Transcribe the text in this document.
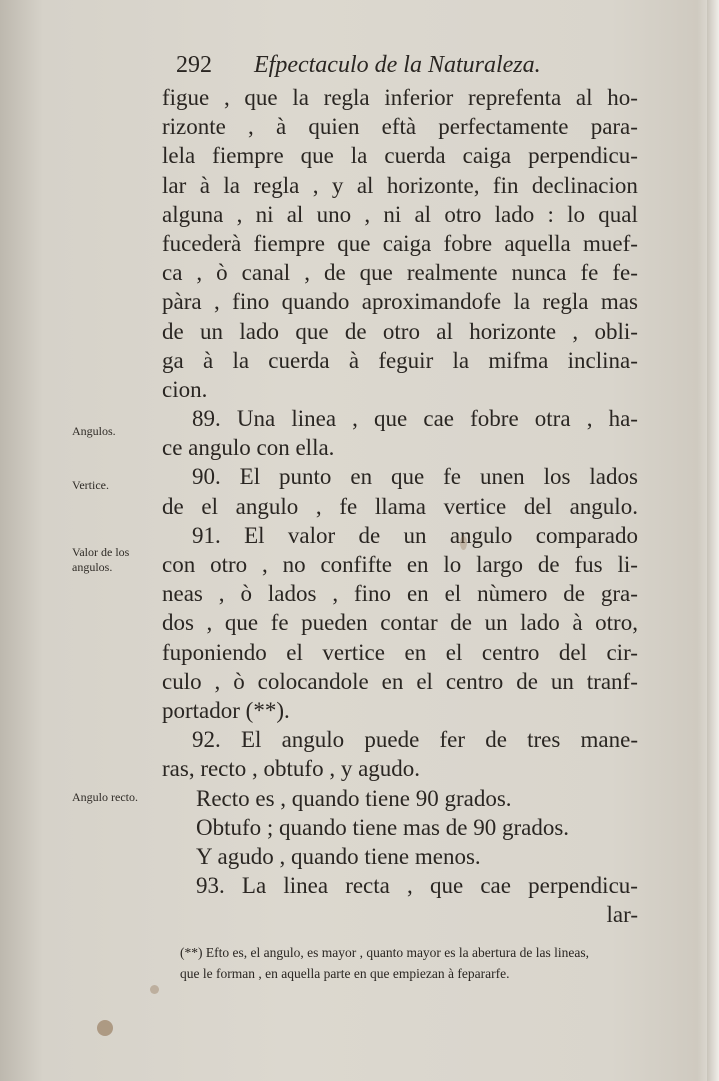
292 Efpectaculo de la Naturaleza.
Angulos.
Vertice.
Valor de los angulos.
Angulo recto.
figue , que la regla inferior reprefenta al ho-
rizonte , à quien eftà perfectamente para-
lela fiempre que la cuerda caiga perpendicu-
lar à la regla , y al horizonte, fin declinacion
alguna , ni al uno , ni al otro lado : lo qual
fucederà fiempre que caiga fobre aquella muef-
ca , ò canal , de que realmente nunca fe fe-
pàra , fino quando aproximandofe la regla mas
de un lado que de otro al horizonte , obli-
ga à la cuerda à feguir la mifma inclina-
cion.
89. Una linea , que cae fobre otra , ha-
ce angulo con ella.
90. El punto en que fe unen los lados
de el angulo , fe llama vertice del angulo.
91. El valor de un angulo comparado
con otro , no confifte en lo largo de fus li-
neas , ò lados , fino en el nùmero de gra-
dos , que fe pueden contar de un lado à otro,
fuponiendo el vertice en el centro del cir-
culo , ò colocandole en el centro de un tranf-
portador (**).
92. El angulo puede fer de tres mane-
ras, recto , obtufo , y agudo.
Recto es , quando tiene 90 grados.
Obtufo ; quando tiene mas de 90 grados.
Y agudo , quando tiene menos.
93. La linea recta , que cae perpendicu-
lar-
(**) Efto es, el angulo, es mayor , quanto mayor es la abertura de las lineas,
que le forman , en aquella parte en que empiezan à fepararfe.
